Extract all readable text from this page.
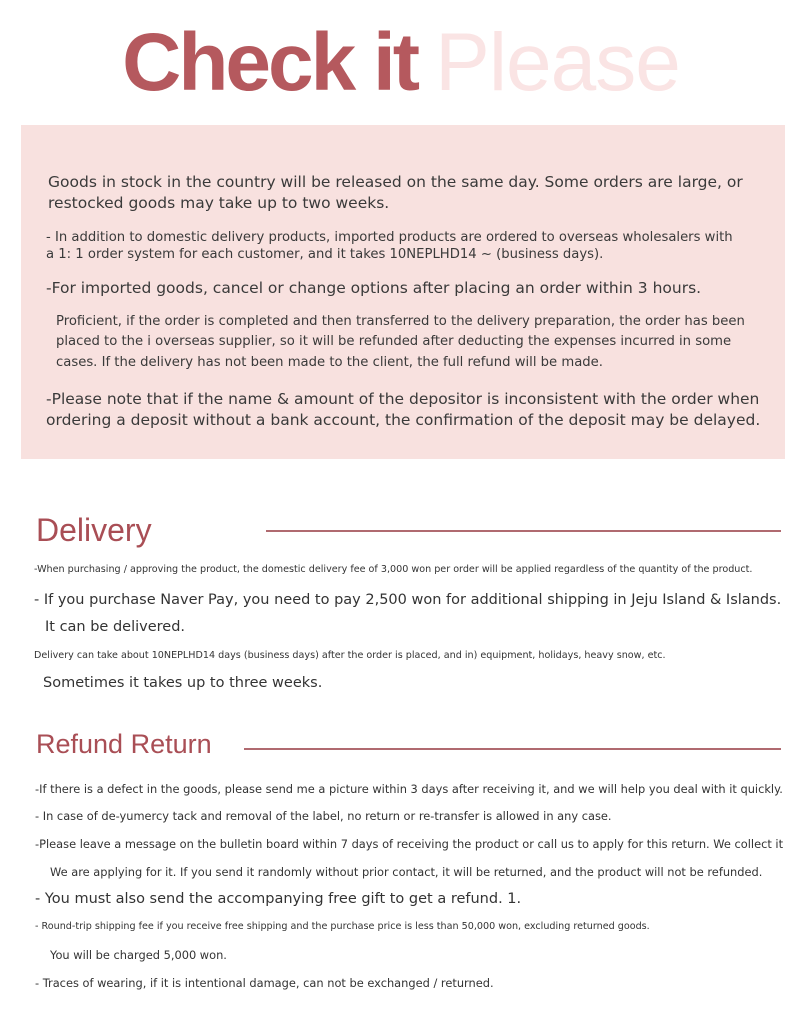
Check it Please

Goods in stock in the country will be released on the same day. Some orders are large, or

restocked goods may take up to two weeks.

- In addition to domestic delivery products, imported products are ordered to overseas wholesalers with

a 1: 1 order system for each customer, and it takes 10NEPLHD14 ~ (business days).

-For imported goods, cancel or change options after placing an order within 3 hours.

Proficient, if the order is completed and then transferred to the delivery preparation, the order has been

placed to the i overseas supplier, so it will be refunded after deducting the expenses incurred in some

cases. If the delivery has not been made to the client, the full refund will be made.

-Please note that if the name & amount of the depositor is inconsistent with the order when

ordering a deposit without a bank account, the confirmation of the deposit may be delayed.

Delivery

-When purchasing / approving the product, the domestic delivery fee of 3,000 won per order will be applied regardless of the quantity of the product.

- If you purchase Naver Pay, you need to pay 2,500 won for additional shipping in Jeju Island & Islands.

It can be delivered.

Delivery can take about 10NEPLHD14 days (business days) after the order is placed, and in) equipment, holidays, heavy snow, etc.

Sometimes it takes up to three weeks.

Refund Return

-If there is a defect in the goods, please send me a picture within 3 days after receiving it, and we will help you deal with it quickly.

- In case of de-yumercy tack and removal of the label, no return or re-transfer is allowed in any case.

-Please leave a message on the bulletin board within 7 days of receiving the product or call us to apply for this return. We collect it

We are applying for it. If you send it randomly without prior contact, it will be returned, and the product will not be refunded.

- You must also send the accompanying free gift to get a refund. 1.

- Round-trip shipping fee if you receive free shipping and the purchase price is less than 50,000 won, excluding returned goods.

You will be charged 5,000 won.

- Traces of wearing, if it is intentional damage, can not be exchanged / returned.
